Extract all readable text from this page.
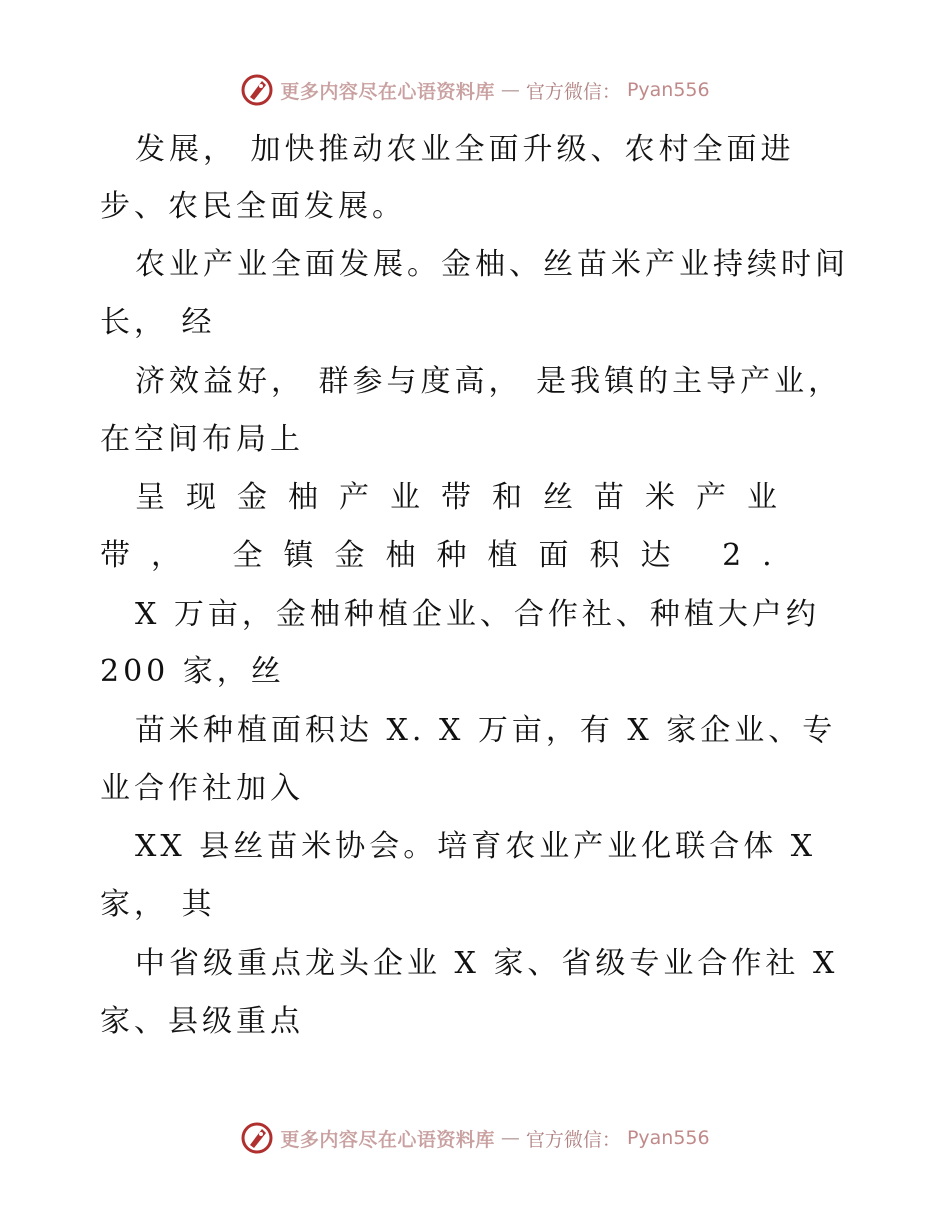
更多内容尽在心语资料库 — 官方微信： Pyan556
发展， 加快推动农业全面升级、农村全面进
步、农民全面发展。
农业产业全面发展。金柚、丝苗米产业持续时间
长， 经
济效益好， 群参与度高， 是我镇的主导产业，
在空间布局上
呈现金柚产业带和丝苗米产业
带， 全镇金柚种植面积达 2.
X 万亩，金柚种植企业、合作社、种植大户约
200 家，丝
苗米种植面积达 X. X 万亩，有 X 家企业、专
业合作社加入
XX 县丝苗米协会。培育农业产业化联合体 X
家， 其
中省级重点龙头企业 X 家、省级专业合作社 X
家、县级重点
更多内容尽在心语资料库 — 官方微信： Pyan556
